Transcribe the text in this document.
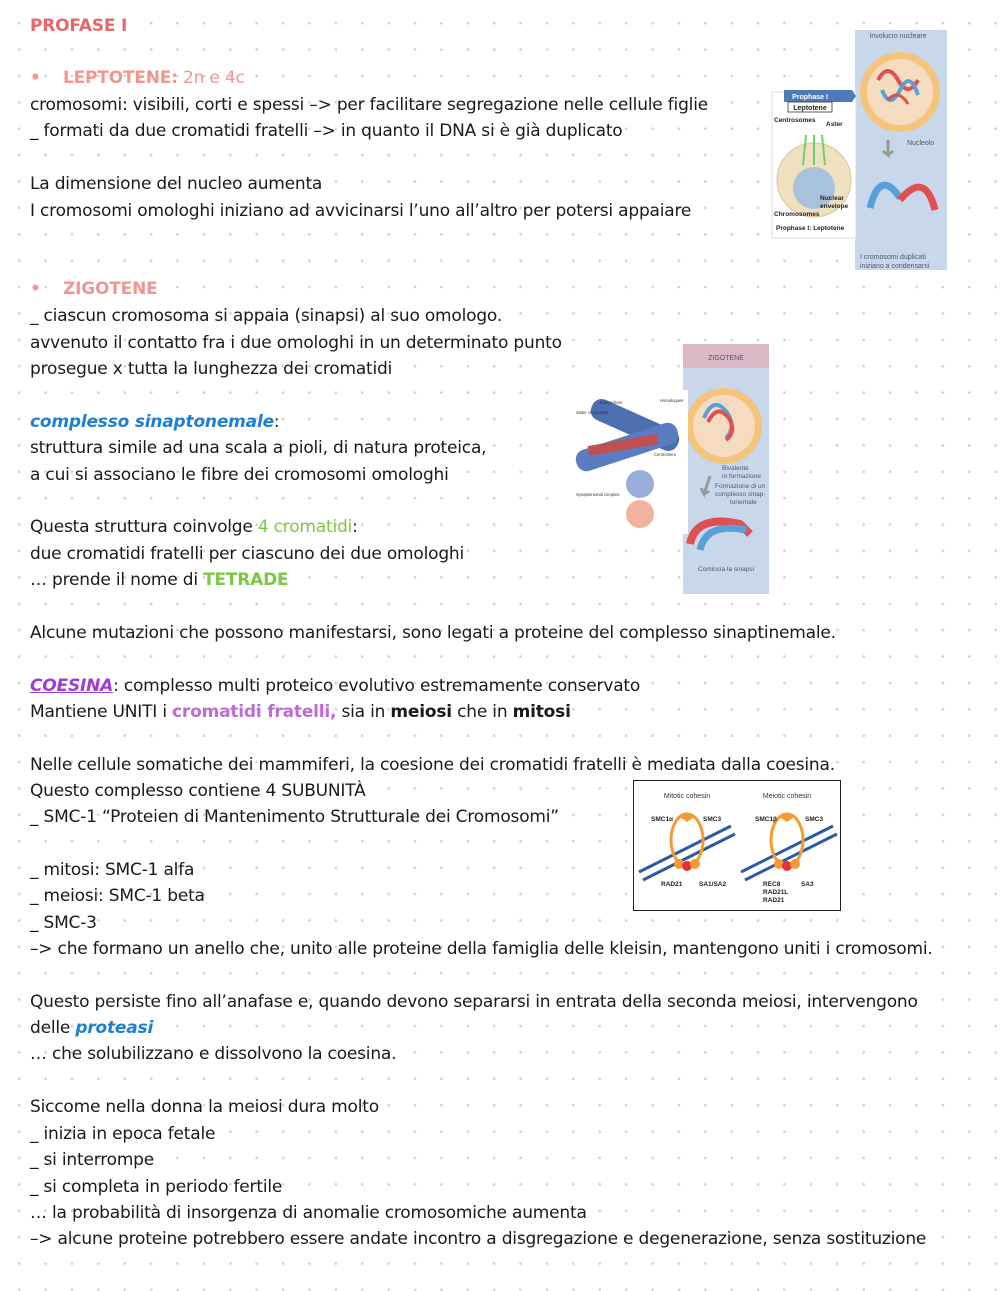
PROFASE I
• LEPTOTENE: 2n e 4c
cromosomi: visibili, corti e spessi –> per facilitare segregazione nelle cellule figlie
_ formati da due cromatidi fratelli –> in quanto il DNA si è già duplicato
La dimensione del nucleo aumenta
I cromosomi omologhi iniziano ad avvicinarsi l’uno all’altro per potersi appaiare
• ZIGOTENE
_ ciascun cromosoma si appaia (sinapsi) al suo omologo.
avvenuto il contatto fra i due omologhi in un determinato punto
prosegue x tutta la lunghezza dei cromatidi
complesso sinaptonemale:
struttura simile ad una scala a pioli, di natura proteica,
a cui si associano le fibre dei cromosomi omologhi
Questa struttura coinvolge 4 cromatidi:
due cromatidi fratelli per ciascuno dei due omologhi
… prende il nome di TETRADE
Alcune mutazioni che possono manifestarsi, sono legati a proteine del complesso sinaptinemale.
COESINA: complesso multi proteico evolutivo estremamente conservato
Mantiene UNITI i cromatidi fratelli, sia in meiosi che in mitosi
Nelle cellule somatiche dei mammiferi, la coesione dei cromatidi fratelli è mediata dalla coesina.
Questo complesso contiene 4 SUBUNITÀ
_ SMC-1 “Proteien di Mantenimento Strutturale dei Cromosomi”
_ mitosi: SMC-1 alfa
_ meiosi: SMC-1 beta
_ SMC-3
–> che formano un anello che, unito alle proteine della famiglia delle kleisin, mantengono uniti i cromosomi.
Questo persiste fino all’anafase e, quando devono separarsi in entrata della seconda meiosi, intervengono
delle proteasi
… che solubilizzano e dissolvono la coesina.
Siccome nella donna la meiosi dura molto
_ inizia in epoca fetale
_ si interrompe
_ si completa in periodo fertile
… la probabilità di insorgenza di anomalie cromosomiche aumenta
–> alcune proteine potrebbero essere andate incontro a disgregazione e degenerazione, senza sostituzione
Involucro nucleare
Nucleolo
I cromosomi duplicati
iniziano a condensarsi
Prophase I
Leptotene
Centrosomes
Aster
Nuclear
envelope
Chromosomes
Prophase I: Leptotene
ZIGOTENE
Bivalente
in formazione
Formazione di un
complesso sinap-
tonemale
Comincia la sinapsi
Sister chromatids
Kinetochore	Homologues
Centromere
Synaptonemal complex
Mitotic cohesin	Meiotic cohesin
SMC1α	SMC3
RAD21	SA1/SA2
SMC1β	SMC3
REC8
RAD21L
RAD21
SA3
